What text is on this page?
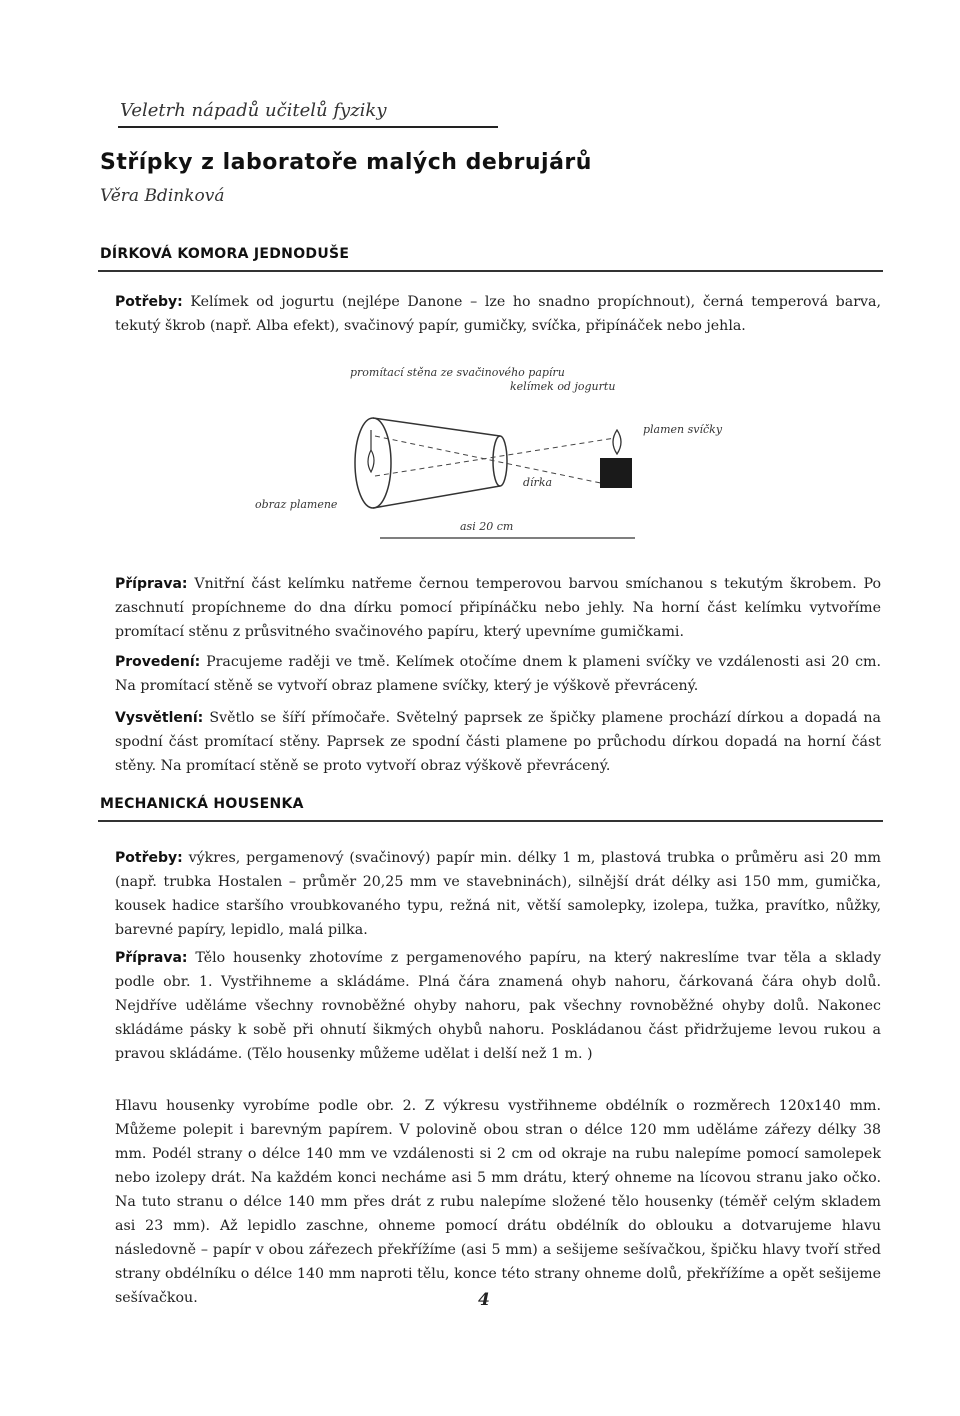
Veletrh nápadů učitelů fyziky
Střípky z laboratoře malých debrujárů
Věra Bdinková
DÍRKOVÁ KOMORA JEDNODUŠE
Potřeby: Kelímek od jogurtu (nejlépe Danone – lze ho snadno propíchnout), černá temperová barva, tekutý škrob (např. Alba efekt), svačinový papír, gumičky, svíčka, připínáček nebo jehla.
promítací stěna ze svačinového papíru
kelímek od jogurtu
plamen svíčky
obraz plamene
dírka
asi 20 cm
Příprava: Vnitřní část kelímku natřeme černou temperovou barvou smíchanou s tekutým škrobem. Po zaschnutí propíchneme do dna dírku pomocí připínáčku nebo jehly. Na horní část kelímku vytvoříme promítací stěnu z průsvitného svačinového papíru, který upevníme gumičkami.
Provedení: Pracujeme raději ve tmě. Kelímek otočíme dnem k plameni svíčky ve vzdálenosti asi 20 cm. Na promítací stěně se vytvoří obraz plamene svíčky, který je výškově převrácený.
Vysvětlení: Světlo se šíří přímočaře. Světelný paprsek ze špičky plamene prochází dírkou a dopadá na spodní část promítací stěny. Paprsek ze spodní části plamene po průchodu dírkou dopadá na horní část stěny. Na promítací stěně se proto vytvoří obraz výškově převrácený.
MECHANICKÁ HOUSENKA
Potřeby: výkres, pergamenový (svačinový) papír min. délky 1 m, plastová trubka o průměru asi 20 mm (např. trubka Hostalen – průměr 20,25 mm ve stavebninách), silnější drát délky asi 150 mm, gumička, kousek hadice staršího vroubkovaného typu, režná nit, větší samolepky, izolepa, tužka, pravítko, nůžky, barevné papíry, lepidlo, malá pilka.
Příprava: Tělo housenky zhotovíme z pergamenového papíru, na který nakreslíme tvar těla a sklady podle obr. 1. Vystřihneme a skládáme. Plná čára znamená ohyb nahoru, čárkovaná čára ohyb dolů. Nejdříve uděláme všechny rovnoběžné ohyby nahoru, pak všechny rovnoběžné ohyby dolů. Nakonec skládáme pásky k sobě při ohnutí šikmých ohybů nahoru. Poskládanou část přidržujeme levou rukou a pravou skládáme. (Tělo housenky můžeme udělat i delší než 1 m. )
Hlavu housenky vyrobíme podle obr. 2. Z výkresu vystřihneme obdélník o rozměrech 120x140 mm. Můžeme polepit i barevným papírem. V polovině obou stran o délce 120 mm uděláme zářezy délky 38 mm. Podél strany o délce 140 mm ve vzdálenosti si 2 cm od okraje na rubu nalepíme pomocí samolepek nebo izolepy drát. Na každém konci necháme asi 5 mm drátu, který ohneme na lícovou stranu jako očko. Na tuto stranu o délce 140 mm přes drát z rubu nalepíme složené tělo housenky (téměř celým skladem asi 23 mm). Až lepidlo zaschne, ohneme pomocí drátu obdélník do oblouku a dotvarujeme hlavu následovně – papír v obou zářezech překřížíme (asi 5 mm) a sešijeme sešívačkou, špičku hlavy tvoří střed strany obdélníku o délce 140 mm naproti tělu, konce této strany ohneme dolů, překřížíme a opět sešijeme sešívačkou.	4
